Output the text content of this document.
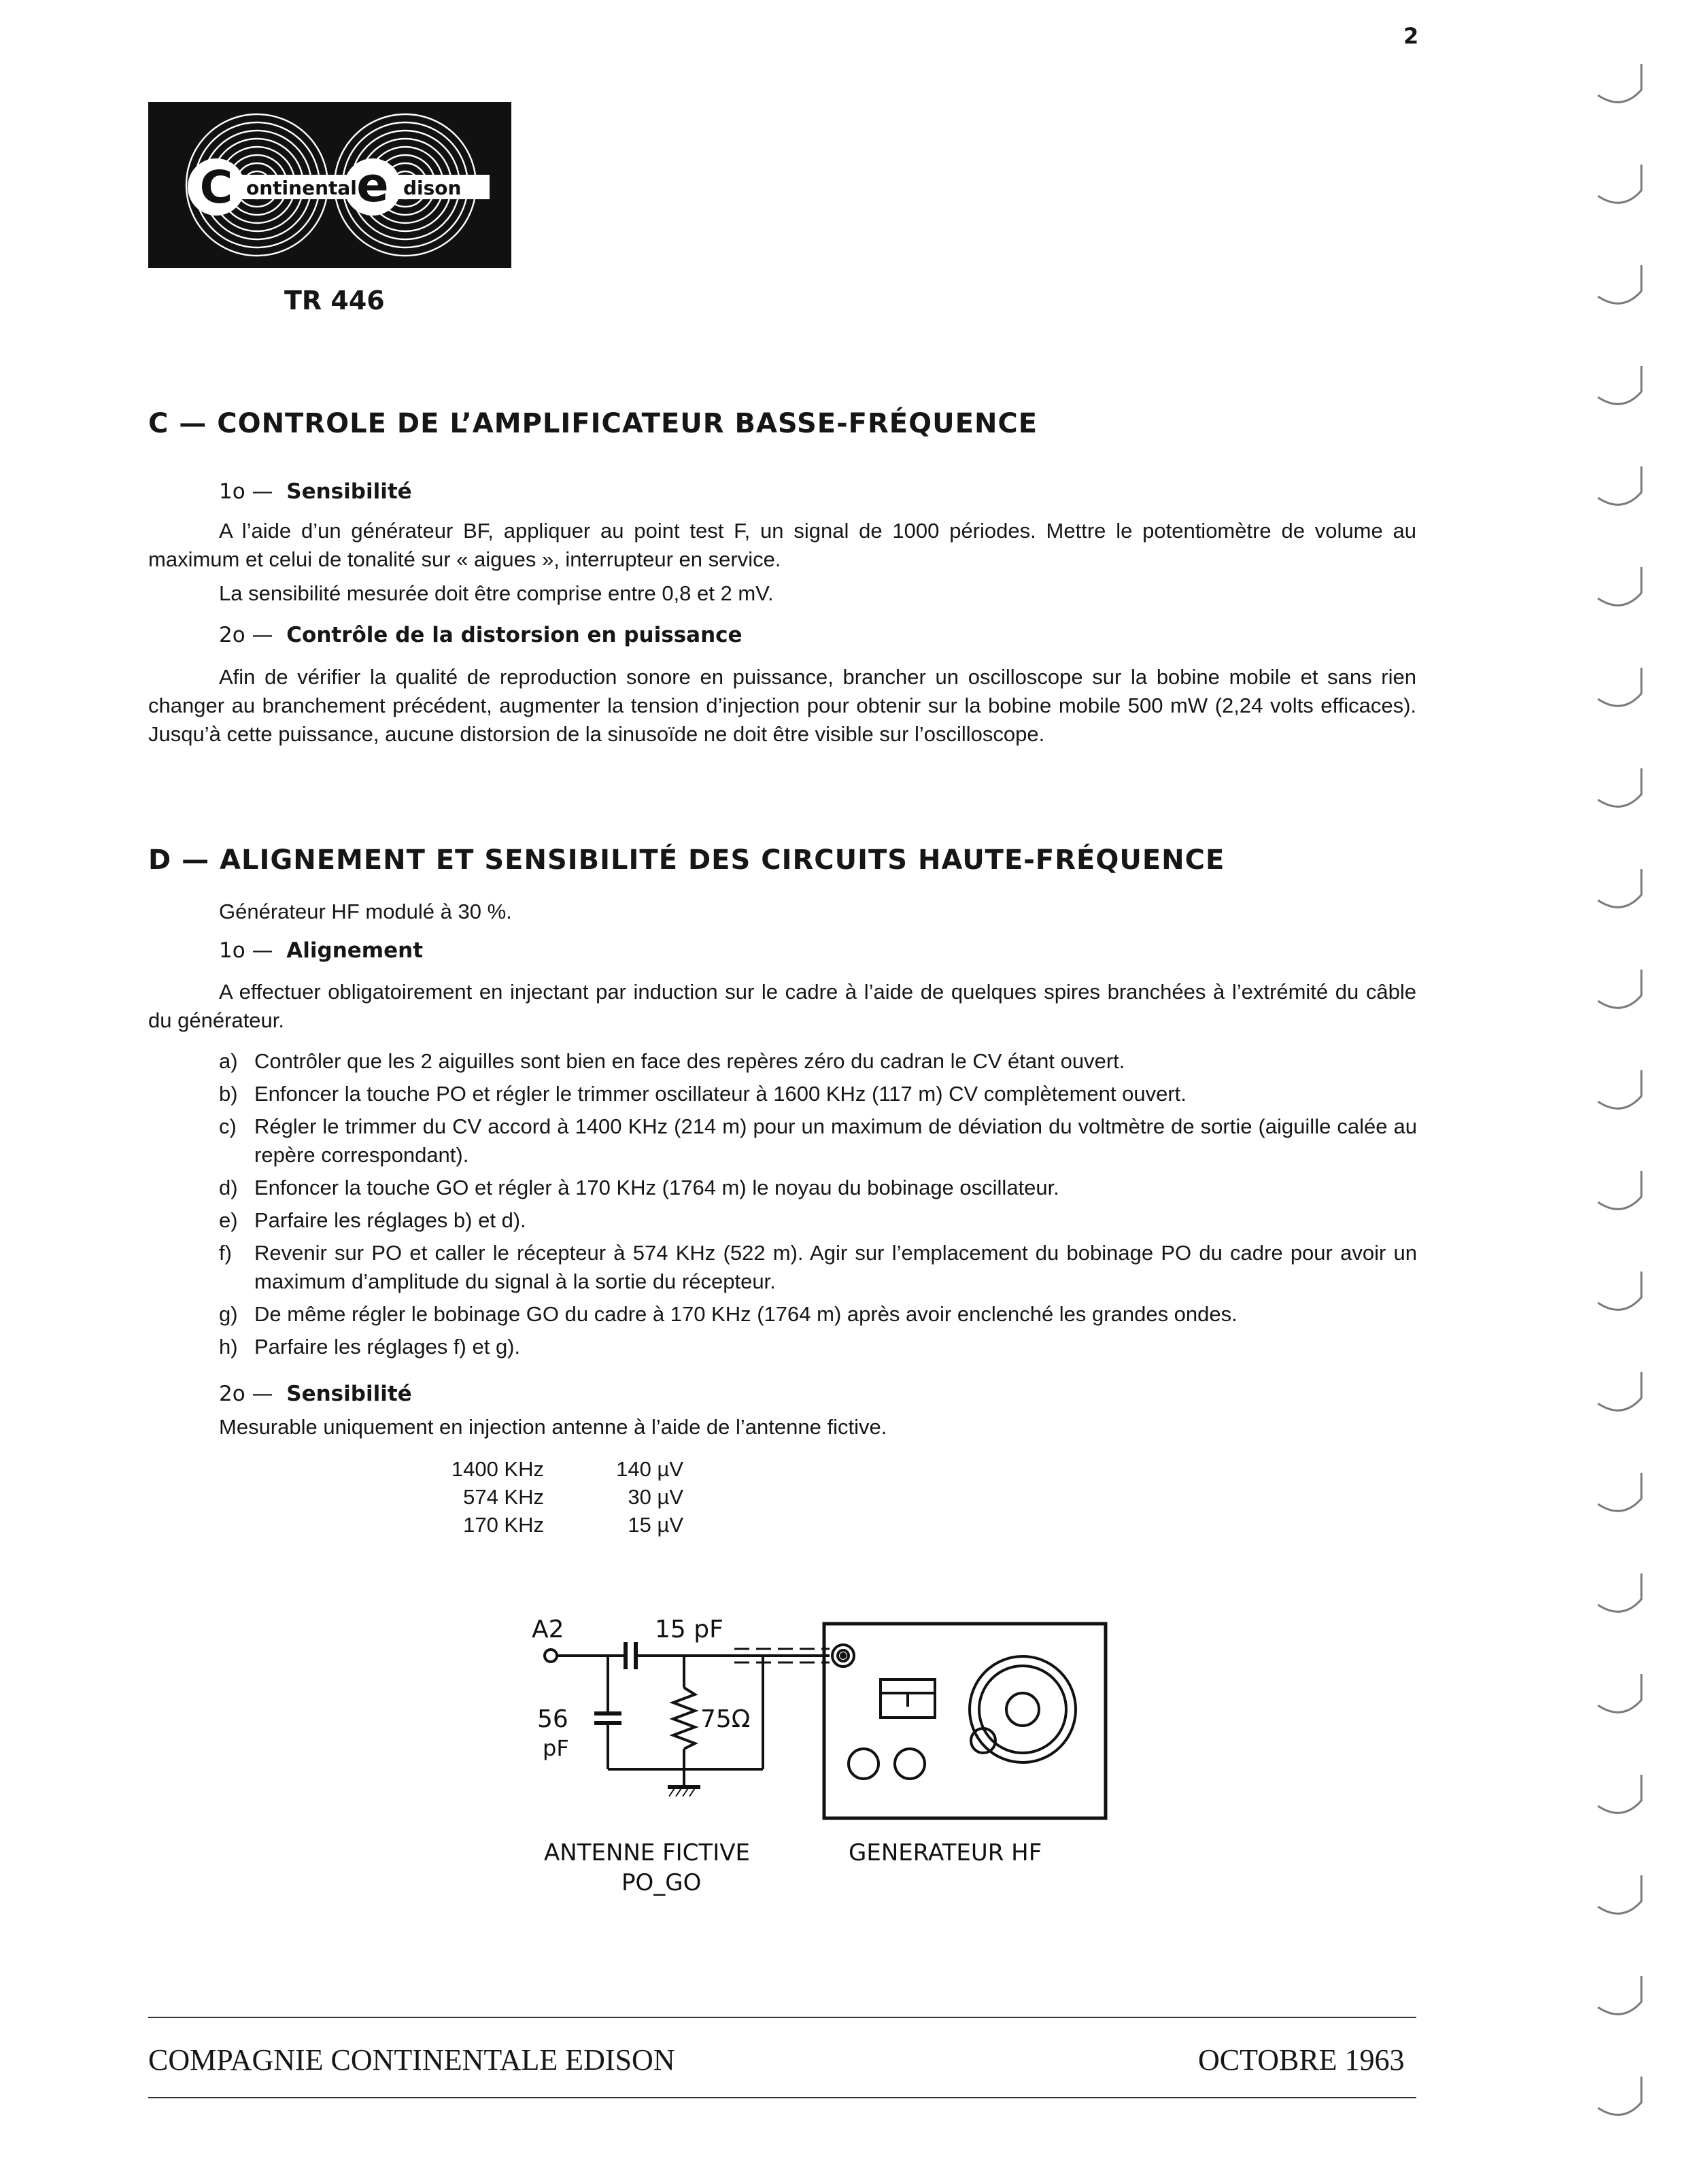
2
C	e
ontinental dison
TR 446
C — CONTROLE DE L’AMPLIFICATEUR BASSE-FRÉQUENCE
1o — Sensibilité
A l’aide d’un générateur BF, appliquer au point test F, un signal de 1000 périodes. Mettre le potentiomètre de volume au maximum et celui de tonalité sur « aigues », interrupteur en service.
La sensibilité mesurée doit être comprise entre 0,8 et 2 mV.
2o — Contrôle de la distorsion en puissance
Afin de vérifier la qualité de reproduction sonore en puissance, brancher un oscilloscope sur la bobine mobile et sans rien changer au branchement précédent, augmenter la tension d’injection pour obtenir sur la bobine mobile 500 mW (2,24 volts efficaces). Jusqu’à cette puissance, aucune distorsion de la sinusoïde ne doit être visible sur l’oscilloscope.
D — ALIGNEMENT ET SENSIBILITÉ DES CIRCUITS HAUTE-FRÉQUENCE
Générateur HF modulé à 30 %.
1o — Alignement
A effectuer obligatoirement en injectant par induction sur le cadre à l’aide de quelques spires branchées à l’extrémité du câble du générateur.
a) Contrôler que les 2 aiguilles sont bien en face des repères zéro du cadran le CV étant ouvert.
b) Enfoncer la touche PO et régler le trimmer oscillateur à 1600 KHz (117 m) CV complètement ouvert.
c) Régler le trimmer du CV accord à 1400 KHz (214 m) pour un maximum de déviation du voltmètre de sortie (aiguille calée au repère correspondant).
d) Enfoncer la touche GO et régler à 170 KHz (1764 m) le noyau du bobinage oscillateur.
e) Parfaire les réglages b) et d).
f)	Revenir sur PO et caller le récepteur à 574 KHz (522 m). Agir sur l’emplacement du bobinage PO du cadre pour avoir un maximum d’amplitude du signal à la sortie du récepteur.
g) De même régler le bobinage GO du cadre à 170 KHz (1764 m) après avoir enclenché les grandes ondes.
h) Parfaire les réglages f) et g).
2o — Sensibilité
Mesurable uniquement en injection antenne à l’aide de l’antenne fictive.
1400 KHz	140 µV
574 KHz	30 µV
170 KHz	15 µV
A2	15 pF
56
pF
75Ω
ANTENNE FICTIVE
PO_GO
GENERATEUR HF
COMPAGNIE CONTINENTALE EDISON	OCTOBRE 1963
